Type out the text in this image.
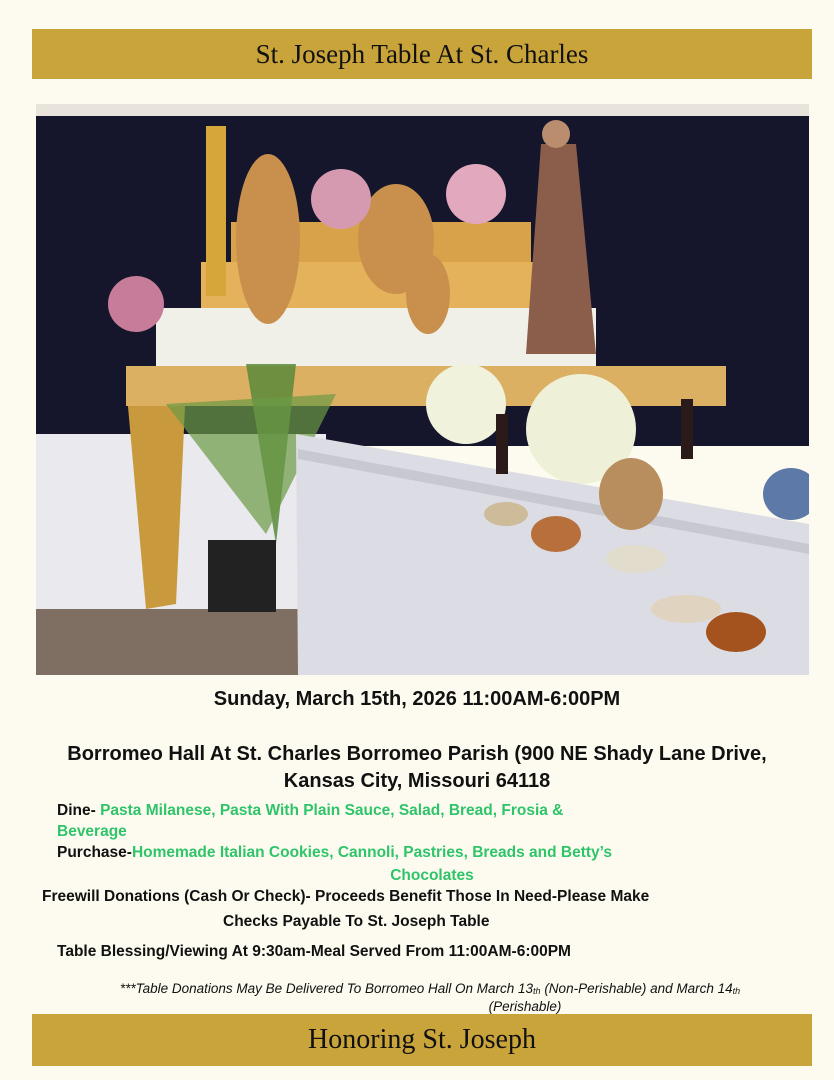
St. Joseph Table At St. Charles
Sunday, March 15th, 2026 11:00AM-6:00PM
Borromeo Hall At St. Charles Borromeo Parish (900 NE Shady Lane Drive,
Kansas City, Missouri 64118
Dine- Pasta Milanese, Pasta With Plain Sauce, Salad, Bread, Frosia &
Beverage
Purchase-Homemade Italian Cookies, Cannoli, Pastries, Breads and Betty’s
Chocolates
Freewill Donations (Cash Or Check)- Proceeds Benefit Those In Need-Please Make
Checks Payable To St. Joseph Table
Table Blessing/Viewing At 9:30am-Meal Served From 11:00AM-6:00PM
***Table Donations May Be Delivered To Borromeo Hall On March $13_{th}$ (Non-Perishable) and March $14_{th}$
(Perishable)
Honoring St. Joseph
